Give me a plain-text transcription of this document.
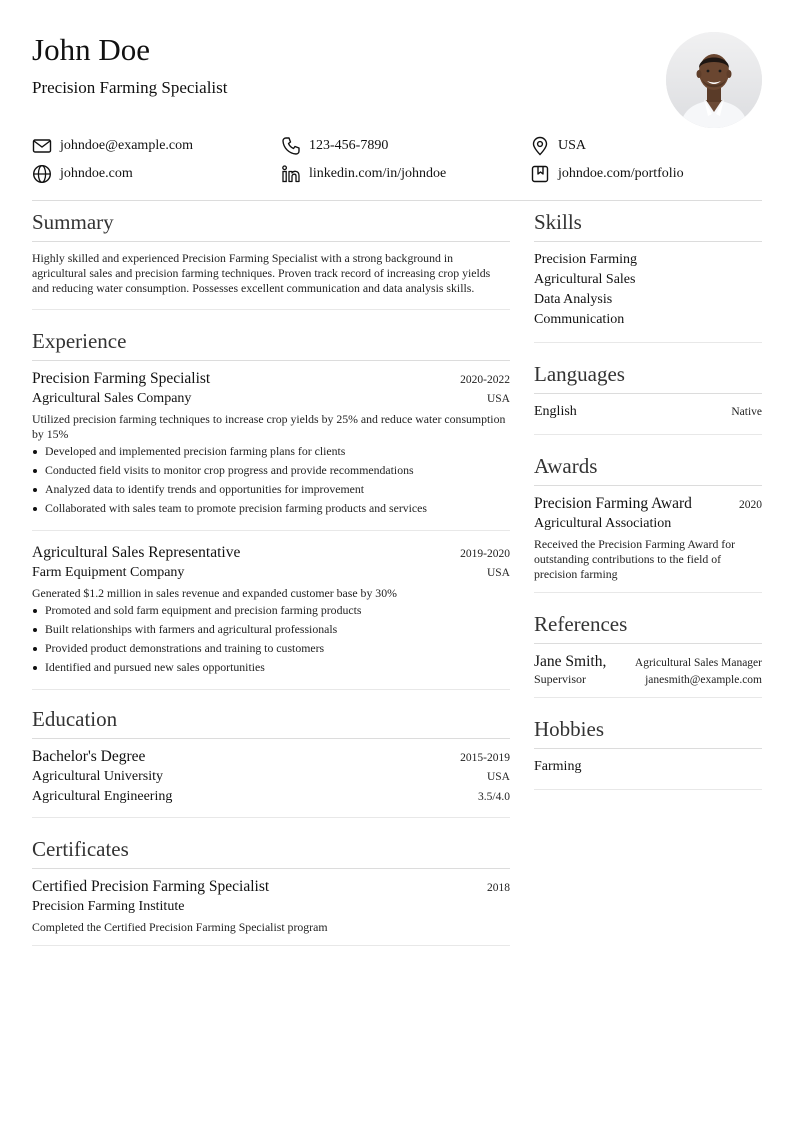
John Doe
Precision Farming Specialist
johndoe@example.com	123-456-7890	USA
johndoe.com	linkedin.com/in/johndoe	johndoe.com/portfolio
Summary

Highly skilled and experienced Precision Farming Specialist with a strong background in agricultural sales and precision farming techniques. Proven track record of increasing crop yields and reducing water consumption. Possesses excellent communication and data analysis skills.

Experience
Precision Farming Specialist	2020-2022
Agricultural Sales Company	USA

Utilized precision farming techniques to increase crop yields by 25% and reduce water consumption by 15%

Developed and implemented precision farming plans for clients
Conducted field visits to monitor crop progress and provide recommendations
Analyzed data to identify trends and opportunities for improvement
Collaborated with sales team to promote precision farming products and services
Agricultural Sales Representative	2019-2020
Farm Equipment Company	USA

Generated $1.2 million in sales revenue and expanded customer base by 30%

Promoted and sold farm equipment and precision farming products
Built relationships with farmers and agricultural professionals
Provided product demonstrations and training to customers
Identified and pursued new sales opportunities
Education
Bachelor's Degree	2015-2019
Agricultural University	USA
Agricultural Engineering	3.5/4.0
Certificates
Certified Precision Farming Specialist	2018
Precision Farming Institute

Completed the Certified Precision Farming Specialist program

Skills
Precision Farming
Agricultural Sales
Data Analysis
Communication
Languages
English	Native
Awards
Precision Farming Award	2020
Agricultural Association

Received the Precision Farming Award for outstanding contributions to the field of precision farming

References
Jane Smith, Agricultural Sales Manager
Supervisor	janesmith@example.com
Hobbies
Farming
